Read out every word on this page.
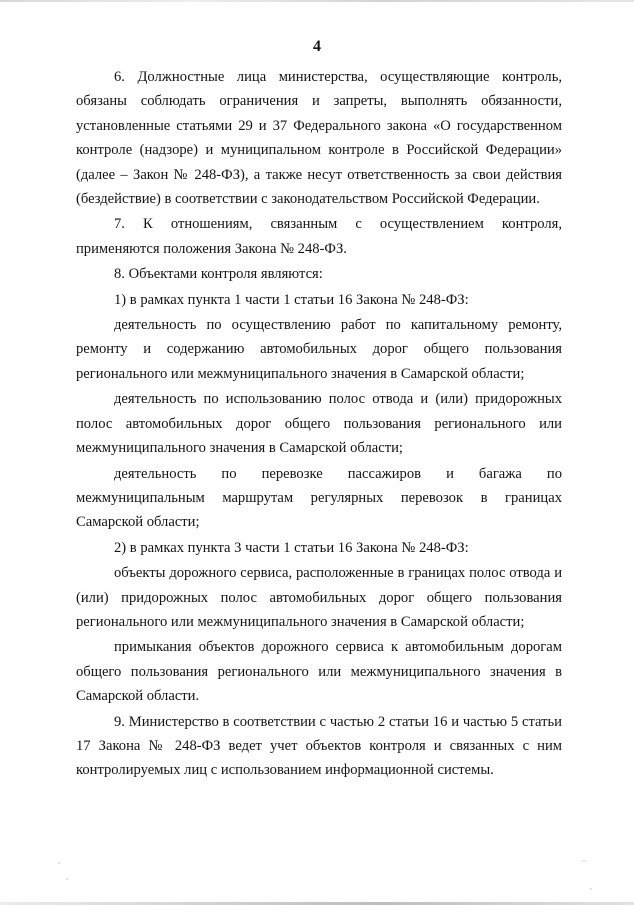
4

6. Должностные лица министерства, осуществляющие контроль, обязаны соблюдать ограничения и запреты, выполнять обязанности, установленные статьями 29 и 37 Федерального закона «О государственном контроле (надзоре) и муниципальном контроле в Российской Федерации» (далее – Закон № 248-ФЗ), а также несут ответственность за свои действия (бездействие) в соответствии с законодательством Российской Федерации.

7. К отношениям, связанным с осуществлением контроля, применяются положения Закона № 248-ФЗ.

8. Объектами контроля являются:

1) в рамках пункта 1 части 1 статьи 16 Закона № 248-ФЗ:

деятельность по осуществлению работ по капитальному ремонту, ремонту и содержанию автомобильных дорог общего пользования регионального или межмуниципального значения в Самарской области;

деятельность по использованию полос отвода и (или) придорожных полос автомобильных дорог общего пользования регионального или межмуниципального значения в Самарской области;

деятельность по перевозке пассажиров и багажа по межмуниципальным маршрутам регулярных перевозок в границах Самарской области;

2) в рамках пункта 3 части 1 статьи 16 Закона № 248-ФЗ:

объекты дорожного сервиса, расположенные в границах полос отвода и (или) придорожных полос автомобильных дорог общего пользования регионального или межмуниципального значения в Самарской области;

примыкания объектов дорожного сервиса к автомобильным дорогам общего пользования регионального или межмуниципального значения в Самарской области.

9. Министерство в соответствии с частью 2 статьи 16 и частью 5 статьи 17 Закона № 248-ФЗ ведет учет объектов контроля и связанных с ним контролируемых лиц с использованием информационной системы.
